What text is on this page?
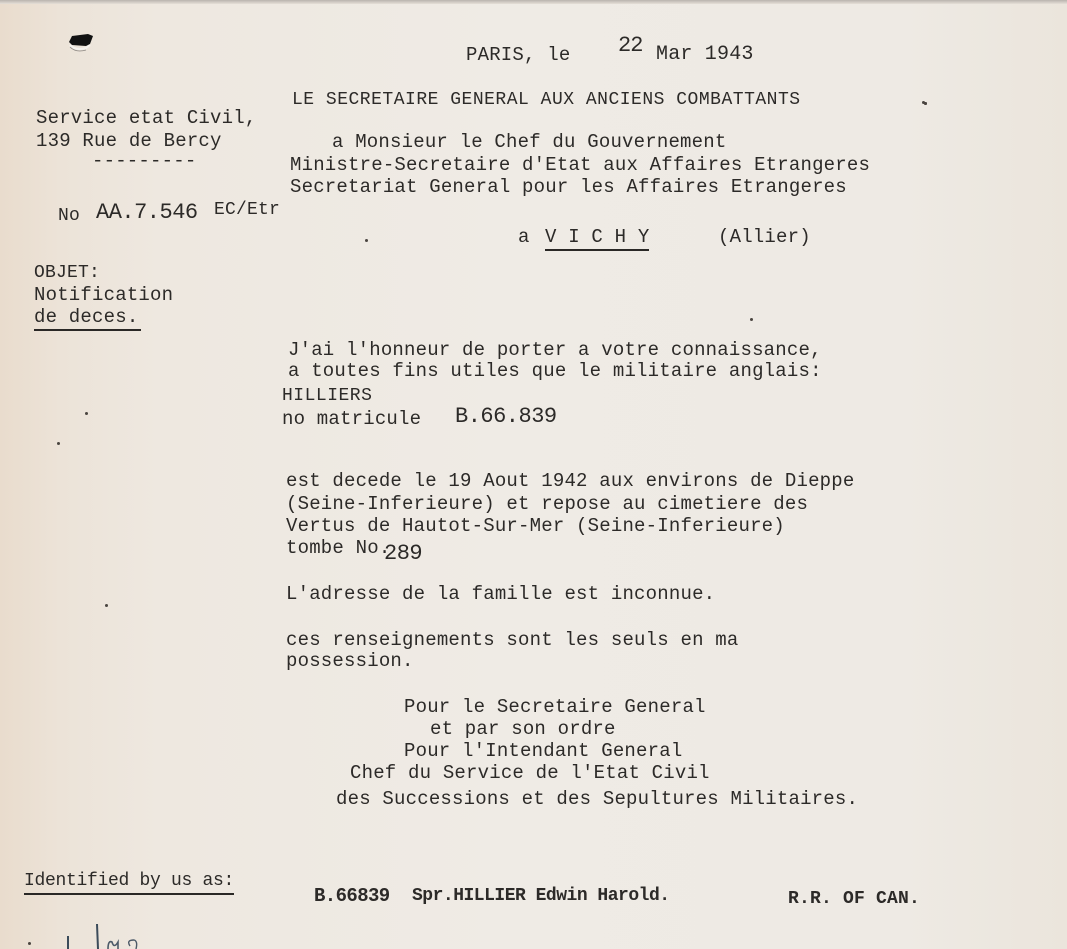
PARIS, le 22 Mar 1943
LE SECRETAIRE GENERAL AUX ANCIENS COMBATTANTS
Service etat Civil,
139 Rue de Bercy
---------
No AA.7.546 EC/Etr
a Monsieur le Chef du Gouvernement
Ministre-Secretaire d'Etat aux Affaires Etrangeres
Secretariat General pour les Affaires Etrangeres
a V I C H Y	(Allier)
OBJET:
Notification
de deces.
J'ai l'honneur de porter a votre connaissance,
a toutes fins utiles que le militaire anglais:
HILLIERS
no matricule B.66.839
est decede le 19 Aout 1942 aux environs de Dieppe
(Seine-Inferieure) et repose au cimetiere des
Vertus de Hautot-Sur-Mer (Seine-Inferieure)
tombe No.
289
L'adresse de la famille est inconnue.
ces renseignements sont les seuls en ma
possession.
Pour le Secretaire General
et par son ordre
Pour l'Intendant General
Chef du Service de l'Etat Civil
des Successions et des Sepultures Militaires.
Identified by us as:
B.66839 Spr.HILLIER Edwin Harold.	R.R. OF CAN.
